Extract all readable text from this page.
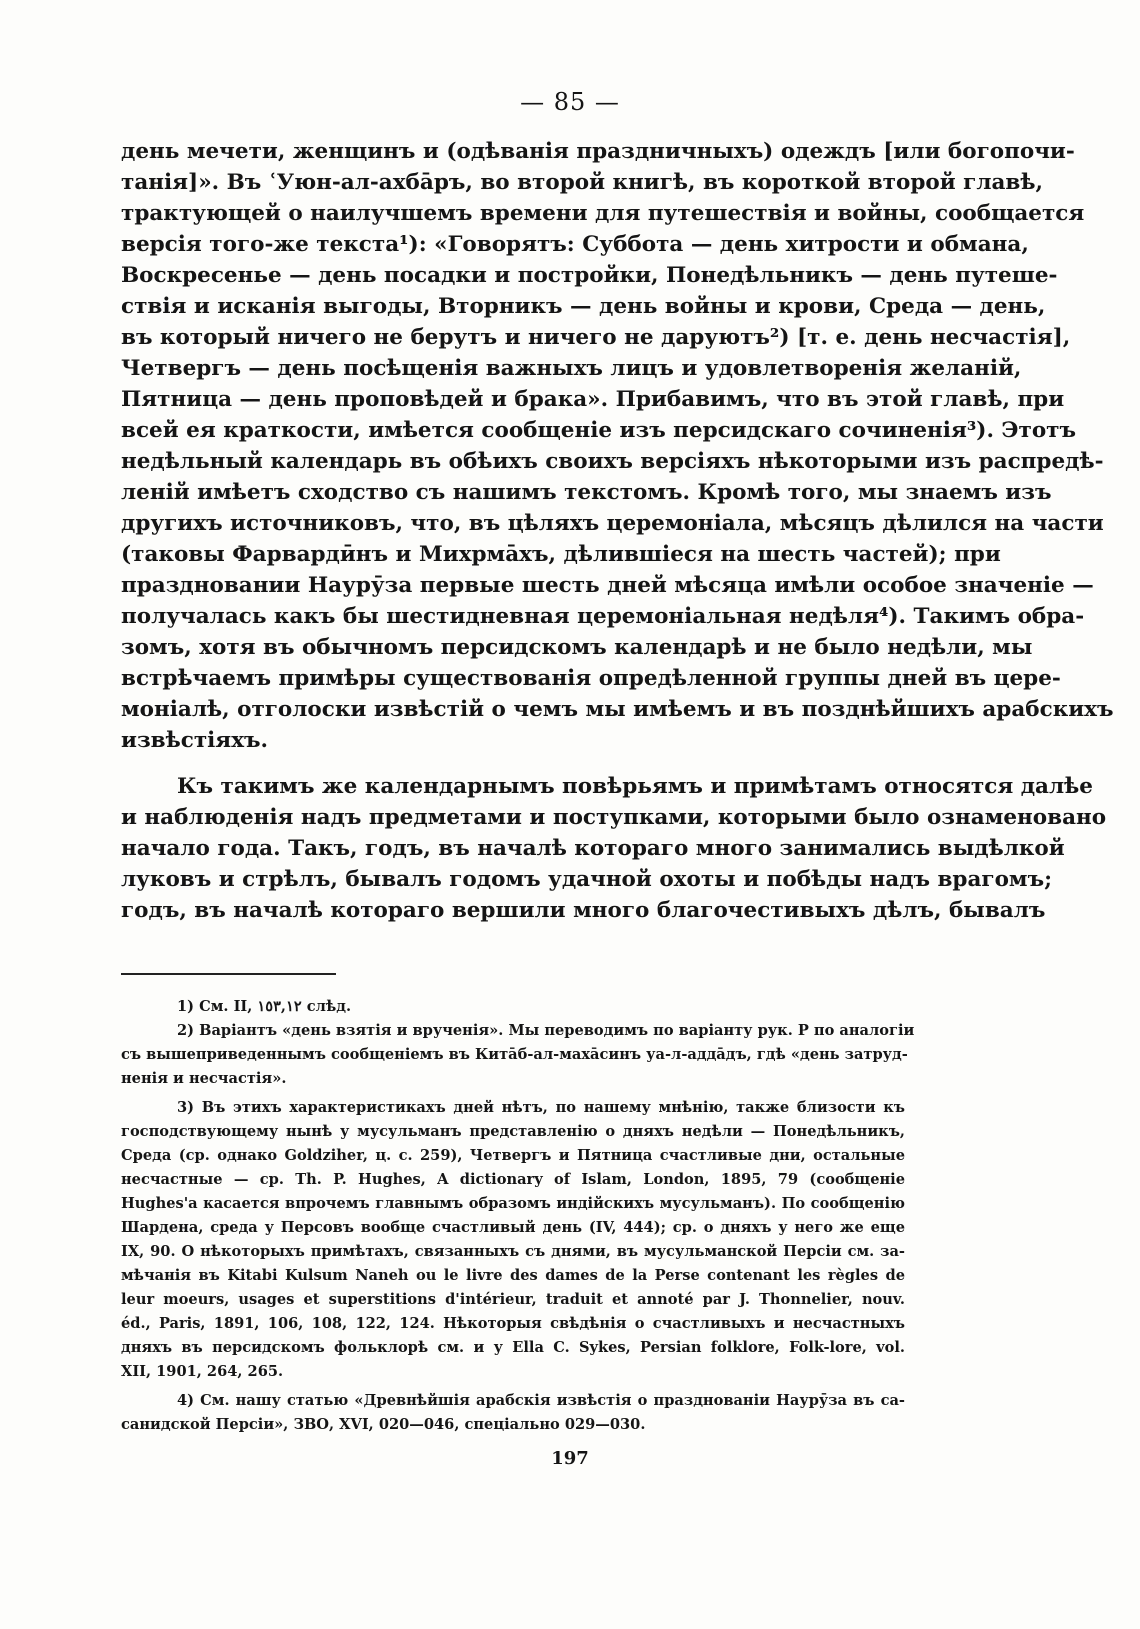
— 85 —
день мечети, женщинъ и (одѣванія праздничныхъ) одеждъ [или богопочи-
танія]». Въ ʿУюн-ал-ахбāръ, во второй книгѣ, въ короткой второй главѣ,
трактующей о наилучшемъ времени для путешествія и войны, сообщается
версія того-же текста¹): «Говорятъ: Суббота — день хитрости и обмана,
Воскресенье — день посадки и постройки, Понедѣльникъ — день путеше-
ствія и исканія выгоды, Вторникъ — день войны и крови, Среда — день,
въ который ничего не берутъ и ничего не даруютъ²) [т. е. день несчастія],
Четвергъ — день посѣщенія важныхъ лицъ и удовлетворенія желаній,
Пятница — день проповѣдей и брака». Прибавимъ, что въ этой главѣ, при
всей ея краткости, имѣется сообщеніе изъ персидскаго сочиненія³). Этотъ
недѣльный календарь въ обѣихъ своихъ версіяхъ нѣкоторыми изъ распредѣ-
леній имѣетъ сходство съ нашимъ текстомъ. Кромѣ того, мы знаемъ изъ
другихъ источниковъ, что, въ цѣляхъ церемоніала, мѣсяцъ дѣлился на части
(таковы Фарвардӣнъ и Михрмāхъ, дѣлившіеся на шесть частей); при
праздновании Наурӯза первые шесть дней мѣсяца имѣли особое значеніе —
получалась какъ бы шестидневная церемоніальная недѣля⁴). Такимъ обра-
зомъ, хотя въ обычномъ персидскомъ календарѣ и не было недѣли, мы
встрѣчаемъ примѣры существованія опредѣленной группы дней въ цере-
моніалѣ, отголоски извѣстій о чемъ мы имѣемъ и въ позднѣйшихъ арабскихъ
извѣстіяхъ.
Къ такимъ же календарнымъ повѣрьямъ и примѣтамъ относятся далѣе
и наблюденія надъ предметами и поступками, которыми было ознаменовано
начало года. Такъ, годъ, въ началѣ котораго много занимались выдѣлкой
луковъ и стрѣлъ, бывалъ годомъ удачной охоты и побѣды надъ врагомъ;
годъ, въ началѣ котораго вершили много благочестивыхъ дѣлъ, бывалъ
1) См. II, ١٥٣,١٢ слѣд.
2) Варіантъ «день взятія и врученія». Мы переводимъ по варіанту рук. P по аналогіи
съ вышеприведеннымъ сообщеніемъ въ Китāб-ал-махāсинъ уа-л-аддāдъ, гдѣ «день затруд-
ненія и несчастія».
3) Въ этихъ характеристикахъ дней нѣтъ, по нашему мнѣнію, также близости къ
господствующему нынѣ у мусульманъ представленію о дняхъ недѣли — Понедѣльникъ,
Среда (ср. однако Goldziher, ц. с. 259), Четвергъ и Пятница счастливые дни, остальные
несчастные — ср. Th. P. Hughes, A dictionary of Islam, London, 1895, 79 (сообщеніе
Hughes'а касается впрочемъ главнымъ образомъ индійскихъ мусульманъ). По сообщенію
Шардена, среда у Персовъ вообще счастливый день (IV, 444); ср. о дняхъ у него же еще
IX, 90. О нѣкоторыхъ примѣтахъ, связанныхъ съ днями, въ мусульманской Персіи см. за-
мѣчанія въ Kitabi Kulsum Naneh ou le livre des dames de la Perse contenant les règles de
leur moeurs, usages et superstitions d'intérieur, traduit et annoté par J. Thonnelier, nouv.
éd., Paris, 1891, 106, 108, 122, 124. Нѣкоторыя свѣдѣнія о счастливыхъ и несчастныхъ
дняхъ въ персидскомъ фольклорѣ см. и у Ella C. Sykes, Persian folklore, Folk-lore, vol.
XII, 1901, 264, 265.
4) См. нашу статью «Древнѣйшія арабскія извѣстія о празднованіи Наурӯза въ са-
санидской Персіи», ЗВО, XVI, 020—046, спеціально 029—030.
197
